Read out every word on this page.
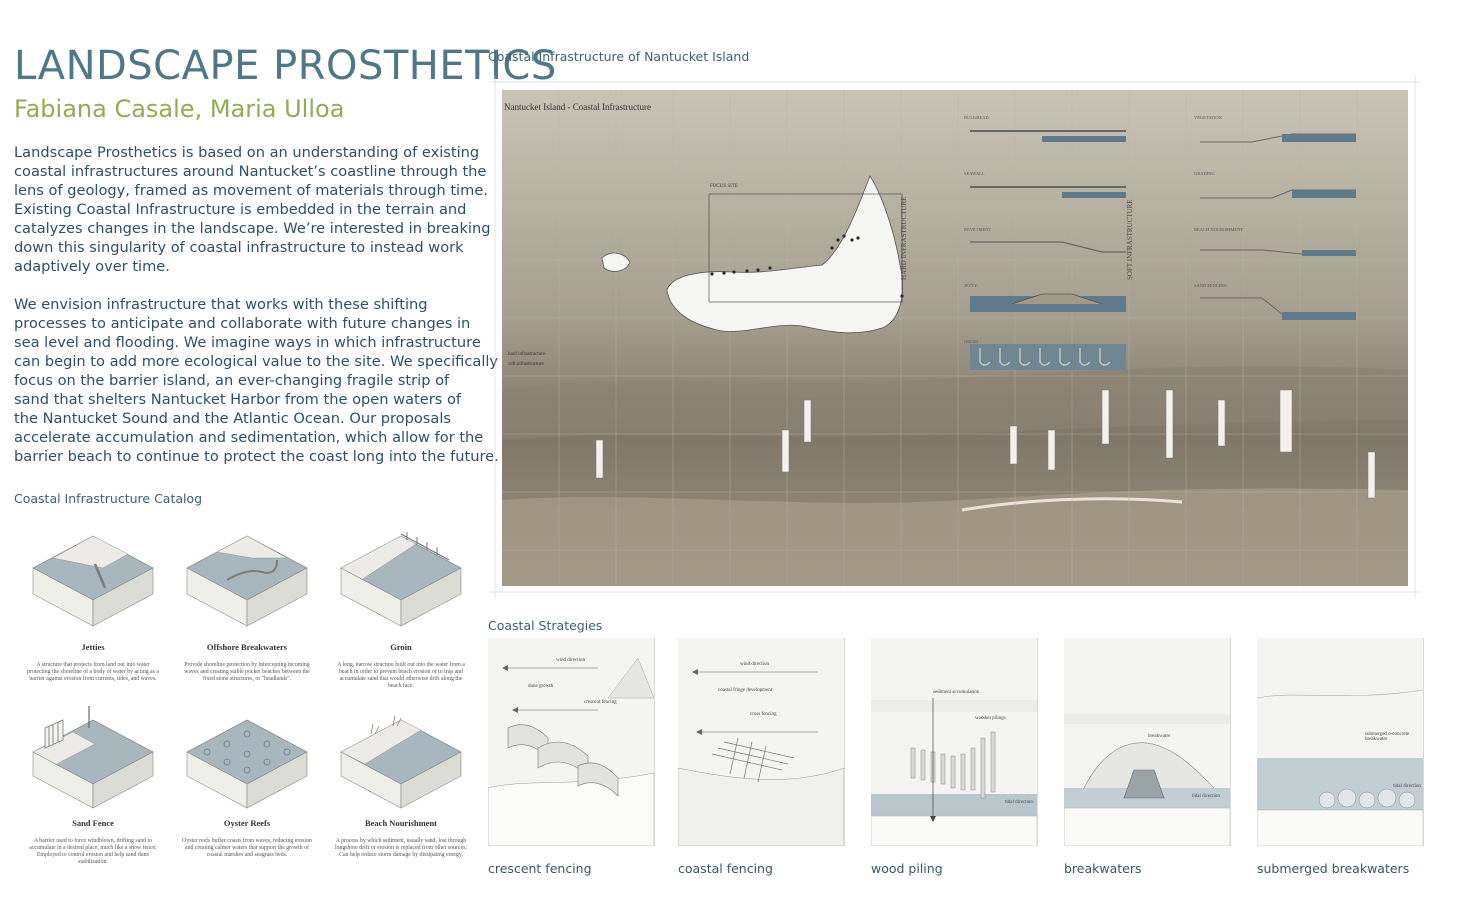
LANDSCAPE PROSTHETICS
Fabiana Casale, Maria Ulloa
Landscape Prosthetics is based on an understanding of existing
coastal infrastructures around Nantucket’s coastline through the
lens of geology, framed as movement of materials through time.
Existing Coastal Infrastructure is embedded in the terrain and
catalyzes changes in the landscape. We’re interested in breaking
down this singularity of coastal infrastructure to instead work
adaptively over time.
We envision infrastructure that works with these shifting
processes to anticipate and collaborate with future changes in
sea level and flooding. We imagine ways in which infrastructure
can begin to add more ecological value to the site. We specifically
focus on the barrier island, an ever-changing fragile strip of
sand that shelters Nantucket Harbor from the open waters of
the Nantucket Sound and the Atlantic Ocean. Our proposals
accelerate accumulation and sedimentation, which allow for the
barrier beach to continue to protect the coast long into the future.
Coastal Infrastructure Catalog
Jetties
A structure that projects from land out into water protecting the shoreline of a body of water by acting as a barrier against erosion from currents, tides, and waves.
Offshore Breakwaters
Provide shoreline protection by intercepting incoming waves and creating stable pocket beaches between the fixed stone structures, or "headlands".
Groin
A long, narrow structure built out into the water from a beach in order to prevent beach erosion or to trap and accumulate sand that would otherwise drift along the beach face.
Sand Fence
A barrier used to force windblown, drifting sand to accumulate in a desired place, much like a snow fence; Employed to control erosion and help sand dune stabilization.
Oyster Reefs
Oyster reefs buffer coasts from waves, reducing erosion and creating calmer waters that support the growth of coastal marshes and seagrass beds.
Beach Nourishment
A process by which sediment, usually sand, lost through longshore drift or erosion is replaced from other sources; Can help reduce storm damage by dissipating energy.
Coastal Infrastructure of Nantucket Island
Nantucket Island - Coastal Infrastructure
FOCUS SITE
HARD INFRASTRUCTURE	SOFT INFRASTRUCTURE
BULKHEAD
SEAWALL
REVETMENT
JETTY
GROIN
VEGETATION
GRADING
BEACH NOURISHMENT
SAND FENCING
hard infrastructure
soft infrastructure
Coastal Strategies
wind direction
dune growth
crescent fencing
wind direction
coastal fringe development
cross fencing
sediment accumulation
wooden pilings
tidal direction
breakwater
tidal direction
submerged o-concrete breakwater
tidal direction
crescent fencing	coastal fencing	wood piling	breakwaters	submerged breakwaters
